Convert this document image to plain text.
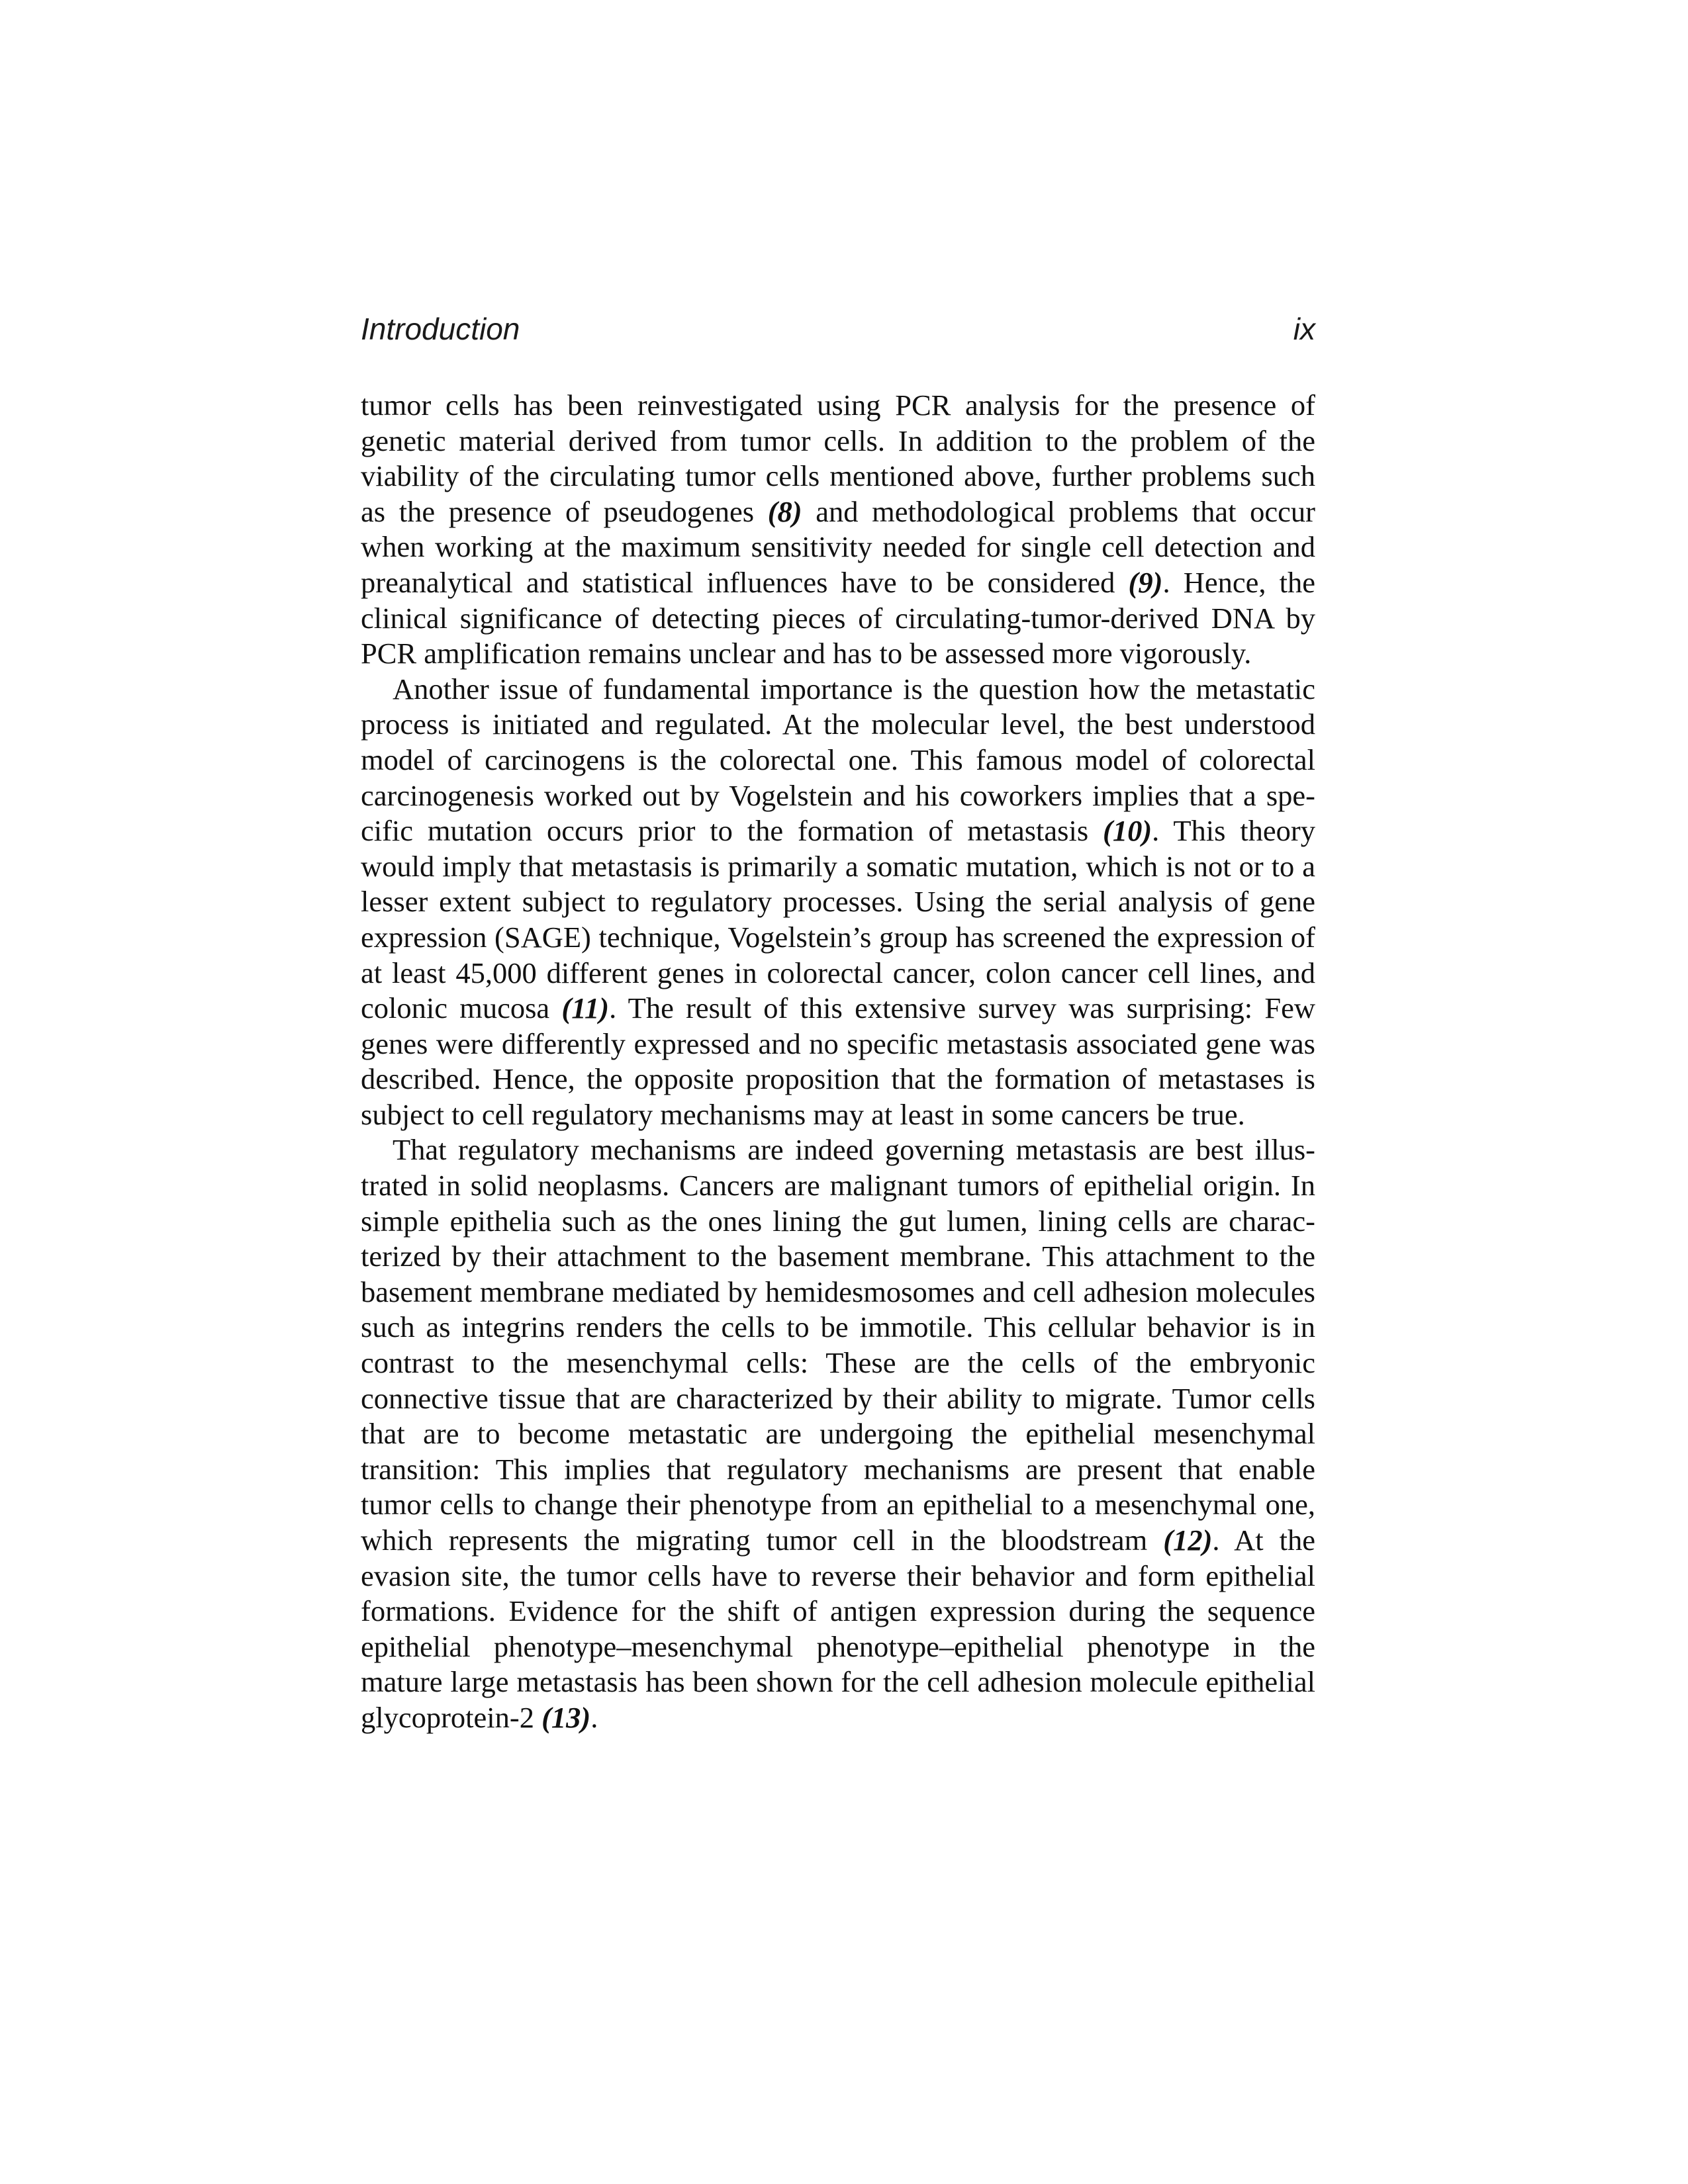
Introduction	ix

tumor cells has been reinvestigated using PCR analysis for the presence of genetic material derived from tumor cells. In addition to the problem of the viability of the circulating tumor cells mentioned above, further problems such as the presence of pseudogenes (8) and methodological problems that occur when working at the maximum sensitivity needed for single cell detection and preanalytical and statistical influences have to be considered (9). Hence, the clinical significance of detecting pieces of circulating-tumor-derived DNA by PCR amplification remains unclear and has to be assessed more vigorously.

Another issue of fundamental importance is the question how the metastatic process is initiated and regulated. At the molecular level, the best understood model of carcinogens is the colorectal one. This famous model of colorectal carcinogenesis worked out by Vogelstein and his coworkers implies that a specific mutation occurs prior to the formation of metastasis (10). This theory would imply that metastasis is primarily a somatic mutation, which is not or to a lesser extent subject to regulatory processes. Using the serial analysis of gene expression (SAGE) technique, Vogelstein’s group has screened the expression of at least 45,000 different genes in colorectal cancer, colon cancer cell lines, and colonic mucosa (11). The result of this extensive survey was surprising: Few genes were differently expressed and no specific metastasis associated gene was described. Hence, the opposite proposition that the formation of metastases is subject to cell regulatory mechanisms may at least in some cancers be true.

That regulatory mechanisms are indeed governing metastasis are best illustrated in solid neoplasms. Cancers are malignant tumors of epithelial origin. In simple epithelia such as the ones lining the gut lumen, lining cells are characterized by their attachment to the basement membrane. This attachment to the basement membrane mediated by hemidesmosomes and cell adhesion molecules such as integrins renders the cells to be immotile. This cellular behavior is in contrast to the mesenchymal cells: These are the cells of the embryonic connective tissue that are characterized by their ability to migrate. Tumor cells that are to become metastatic are undergoing the epithelial mesenchymal transition: This implies that regulatory mechanisms are present that enable tumor cells to change their phenotype from an epithelial to a mesenchymal one, which represents the migrating tumor cell in the bloodstream (12). At the evasion site, the tumor cells have to reverse their behavior and form epithelial formations. Evidence for the shift of antigen expression during the sequence epithelial phenotype–mesenchymal phenotype–epithelial phenotype in the mature large metastasis has been shown for the cell adhesion molecule epithelial glycoprotein-2 (13).
